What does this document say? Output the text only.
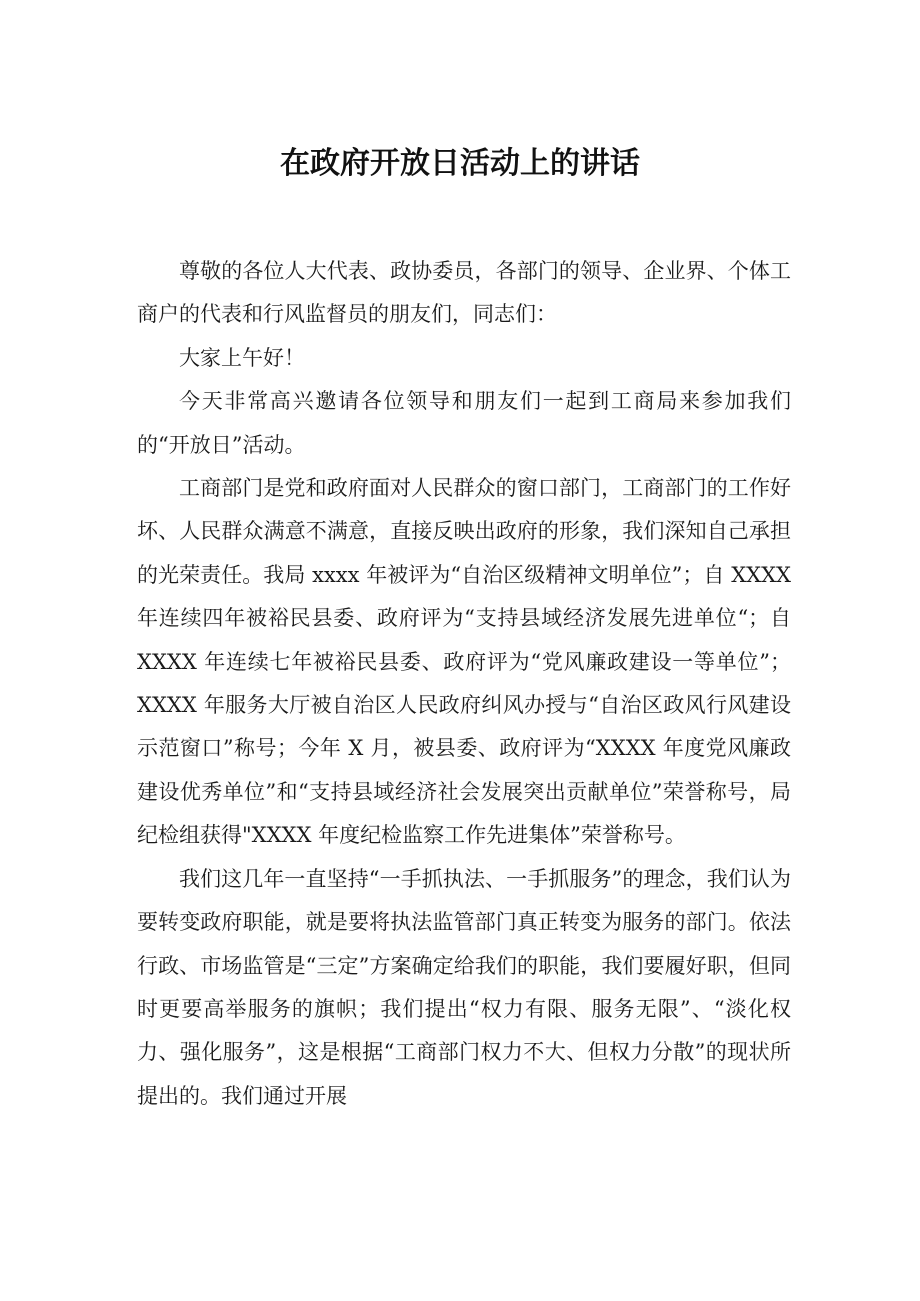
在政府开放日活动上的讲话

尊敬的各位人大代表、政协委员，各部门的领导、企业界、个体工商户的代表和行风监督员的朋友们，同志们：

大家上午好！

今天非常高兴邀请各位领导和朋友们一起到工商局来参加我们的“开放日”活动。

工商部门是党和政府面对人民群众的窗口部门，工商部门的工作好坏、人民群众满意不满意，直接反映出政府的形象，我们深知自己承担的光荣责任。我局 xxxx 年被评为“自治区级精神文明单位”；自 XXXX 年连续四年被裕民县委、政府评为“支持县域经济发展先进单位“；自 XXXX 年连续七年被裕民县委、政府评为“党风廉政建设一等单位”；XXXX 年服务大厅被自治区人民政府纠风办授与“自治区政风行风建设示范窗口”称号；今年 X 月，被县委、政府评为“XXXX 年度党风廉政建设优秀单位”和“支持县域经济社会发展突出贡献单位”荣誉称号，局纪检组获得"XXXX 年度纪检监察工作先进集体”荣誉称号。

我们这几年一直坚持“一手抓执法、一手抓服务”的理念，我们认为要转变政府职能，就是要将执法监管部门真正转变为服务的部门。依法行政、市场监管是“三定”方案确定给我们的职能，我们要履好职，但同时更要高举服务的旗帜；我们提出“权力有限、服务无限”、“淡化权力、强化服务”，这是根据“工商部门权力不大、但权力分散”的现状所提出的。我们通过开展
